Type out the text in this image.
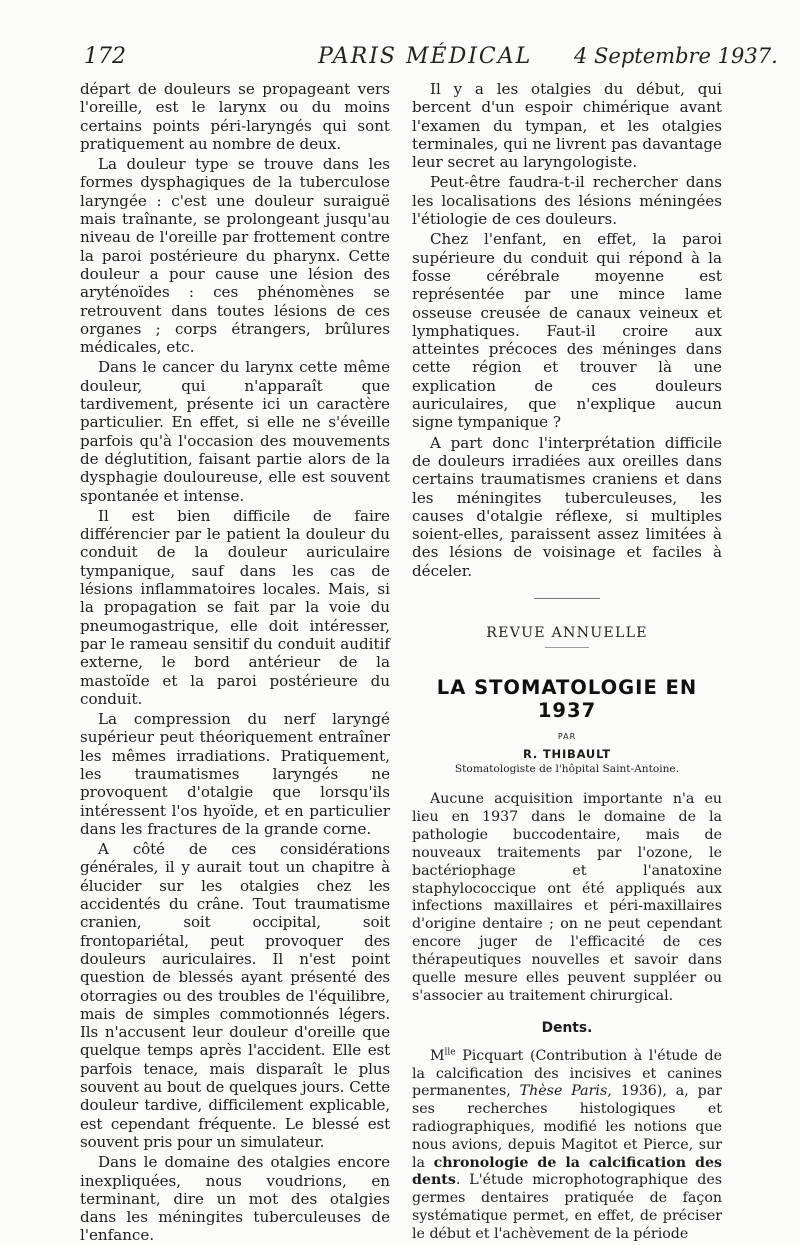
172	PARIS MÉDICAL 4 Septembre 1937.

départ de douleurs se propageant vers l'oreille, est le larynx ou du moins certains points péri-laryngés qui sont pratiquement au nombre de deux.

La douleur type se trouve dans les formes dysphagiques de la tuberculose laryngée : c'est une douleur suraiguë mais traînante, se prolongeant jusqu'au niveau de l'oreille par frottement contre la paroi postérieure du pharynx. Cette douleur a pour cause une lésion des aryténoïdes : ces phénomènes se retrouvent dans toutes lésions de ces organes ; corps étrangers, brûlures médicales, etc.

Dans le cancer du larynx cette même douleur, qui n'apparaît que tardivement, présente ici un caractère particulier. En effet, si elle ne s'éveille parfois qu'à l'occasion des mouvements de déglutition, faisant partie alors de la dysphagie douloureuse, elle est souvent spontanée et intense.

Il est bien difficile de faire différencier par le patient la douleur du conduit de la douleur auriculaire tympanique, sauf dans les cas de lésions inflammatoires locales. Mais, si la propagation se fait par la voie du pneumogastrique, elle doit intéresser, par le rameau sensitif du conduit auditif externe, le bord antérieur de la mastoïde et la paroi postérieure du conduit.

La compression du nerf laryngé supérieur peut théoriquement entraîner les mêmes irradiations. Pratiquement, les traumatismes laryngés ne provoquent d'otalgie que lorsqu'ils intéressent l'os hyoïde, et en particulier dans les fractures de la grande corne.

A côté de ces considérations générales, il y aurait tout un chapitre à élucider sur les otalgies chez les accidentés du crâne. Tout traumatisme cranien, soit occipital, soit frontopariétal, peut provoquer des douleurs auriculaires. Il n'est point question de blessés ayant présenté des otorragies ou des troubles de l'équilibre, mais de simples commotionnés légers. Ils n'accusent leur douleur d'oreille que quelque temps après l'accident. Elle est parfois tenace, mais disparaît le plus souvent au bout de quelques jours. Cette douleur tardive, difficilement explicable, est cependant fréquente. Le blessé est souvent pris pour un simulateur.

Dans le domaine des otalgies encore inexpliquées, nous voudrions, en terminant, dire un mot des otalgies dans les méningites tuberculeuses de l'enfance.

Il y a les otalgies du début, qui bercent d'un espoir chimérique avant l'examen du tympan, et les otalgies terminales, qui ne livrent pas davantage leur secret au laryngologiste.

Peut-être faudra-t-il rechercher dans les localisations des lésions méningées l'étiologie de ces douleurs.

Chez l'enfant, en effet, la paroi supérieure du conduit qui répond à la fosse cérébrale moyenne est représentée par une mince lame osseuse creusée de canaux veineux et lymphatiques. Faut-il croire aux atteintes précoces des méninges dans cette région et trouver là une explication de ces douleurs auriculaires, que n'explique aucun signe tympanique ?

A part donc l'interprétation difficile de douleurs irradiées aux oreilles dans certains traumatismes craniens et dans les méningites tuberculeuses, les causes d'otalgie réflexe, si multiples soient-elles, paraissent assez limitées à des lésions de voisinage et faciles à déceler.

REVUE ANNUELLE
LA STOMATOLOGIE EN 1937
PAR
R. THIBAULT
Stomatologiste de l'hôpital Saint-Antoine.

Aucune acquisition importante n'a eu lieu en 1937 dans le domaine de la pathologie buccodentaire, mais de nouveaux traitements par l'ozone, le bactériophage et l'anatoxine staphylococcique ont été appliqués aux infections maxillaires et péri-maxillaires d'origine dentaire ; on ne peut cependant encore juger de l'efficacité de ces thérapeutiques nouvelles et savoir dans quelle mesure elles peuvent suppléer ou s'associer au traitement chirurgical.

Dents.

$M^{lle}$ Picquart (Contribution à l'étude de la calcification des incisives et canines permanentes, Thèse Paris, 1936), a, par ses recherches histologiques et radiographiques, modifié les notions que nous avions, depuis Magitot et Pierce, sur la chronologie de la calcification des dents. L'étude microphotographique des germes dentaires pratiquée de façon systématique permet, en effet, de préciser le début et l'achèvement de la période
